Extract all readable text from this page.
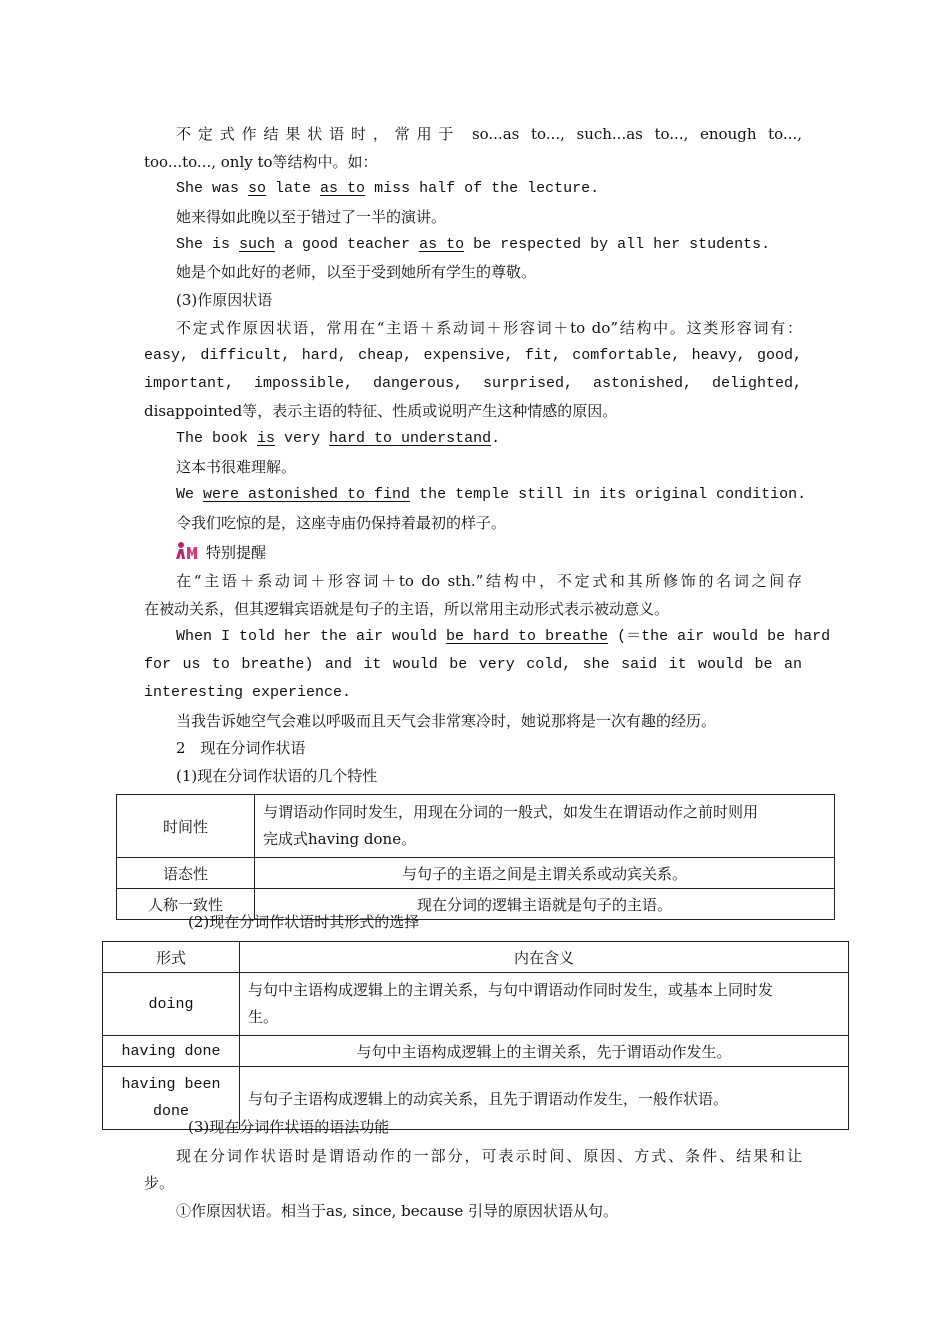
不定式作结果状语时，常用于 so...as to..., such...as to..., enough to...,
too...to..., only to等结构中。如：
She was so late as to miss half of the lecture.
她来得如此晚以至于错过了一半的演讲。
She is such a good teacher as to be respected by all her students.
她是个如此好的老师，以至于受到她所有学生的尊敬。
(3)作原因状语
不定式作原因状语，常用在“主语＋系动词＋形容词＋to do”结构中。这类形容词有：
easy, difficult, hard, cheap, expensive, fit, comfortable, heavy, good,
important, impossible, dangerous, surprised, astonished, delighted,
disappointed等，表示主语的特征、性质或说明产生这种情感的原因。
The book is very hard to understand.
这本书很难理解。
We were astonished to find the temple still in its original condition.
令我们吃惊的是，这座寺庙仍保持着最初的样子。
特别提醒
在“主语＋系动词＋形容词＋to do sth.”结构中，不定式和其所修饰的名词之间存
在被动关系，但其逻辑宾语就是句子的主语，所以常用主动形式表示被动意义。
When I told her the air would be hard to breathe (＝the air would be hard
for us to breathe) and it would be very cold, she said it would be an
interesting experience.
当我告诉她空气会难以呼吸而且天气会非常寒冷时，她说那将是一次有趣的经历。
2　现在分词作状语
(1)现在分词作状语的几个特性
时间性	与谓语动作同时发生，用现在分词的一般式，如发生在谓语动作之前时则用
完成式having done。

语态性	与句子的主语之间是主谓关系或动宾关系。
人称一致性	现在分词的逻辑主语就是句子的主语。
(2)现在分词作状语时其形式的选择
形式	内在含义
doing	与句中主语构成逻辑上的主谓关系，与句中谓语动作同时发生，或基本上同时发
生。

having done	与句中主语构成逻辑上的主谓关系，先于谓语动作发生。

having been
done	与句子主语构成逻辑上的动宾关系，且先于谓语动作发生，一般作状语。
(3)现在分词作状语的语法功能
现在分词作状语时是谓语动作的一部分，可表示时间、原因、方式、条件、结果和让
步。
①作原因状语。相当于as, since, because 引导的原因状语从句。
